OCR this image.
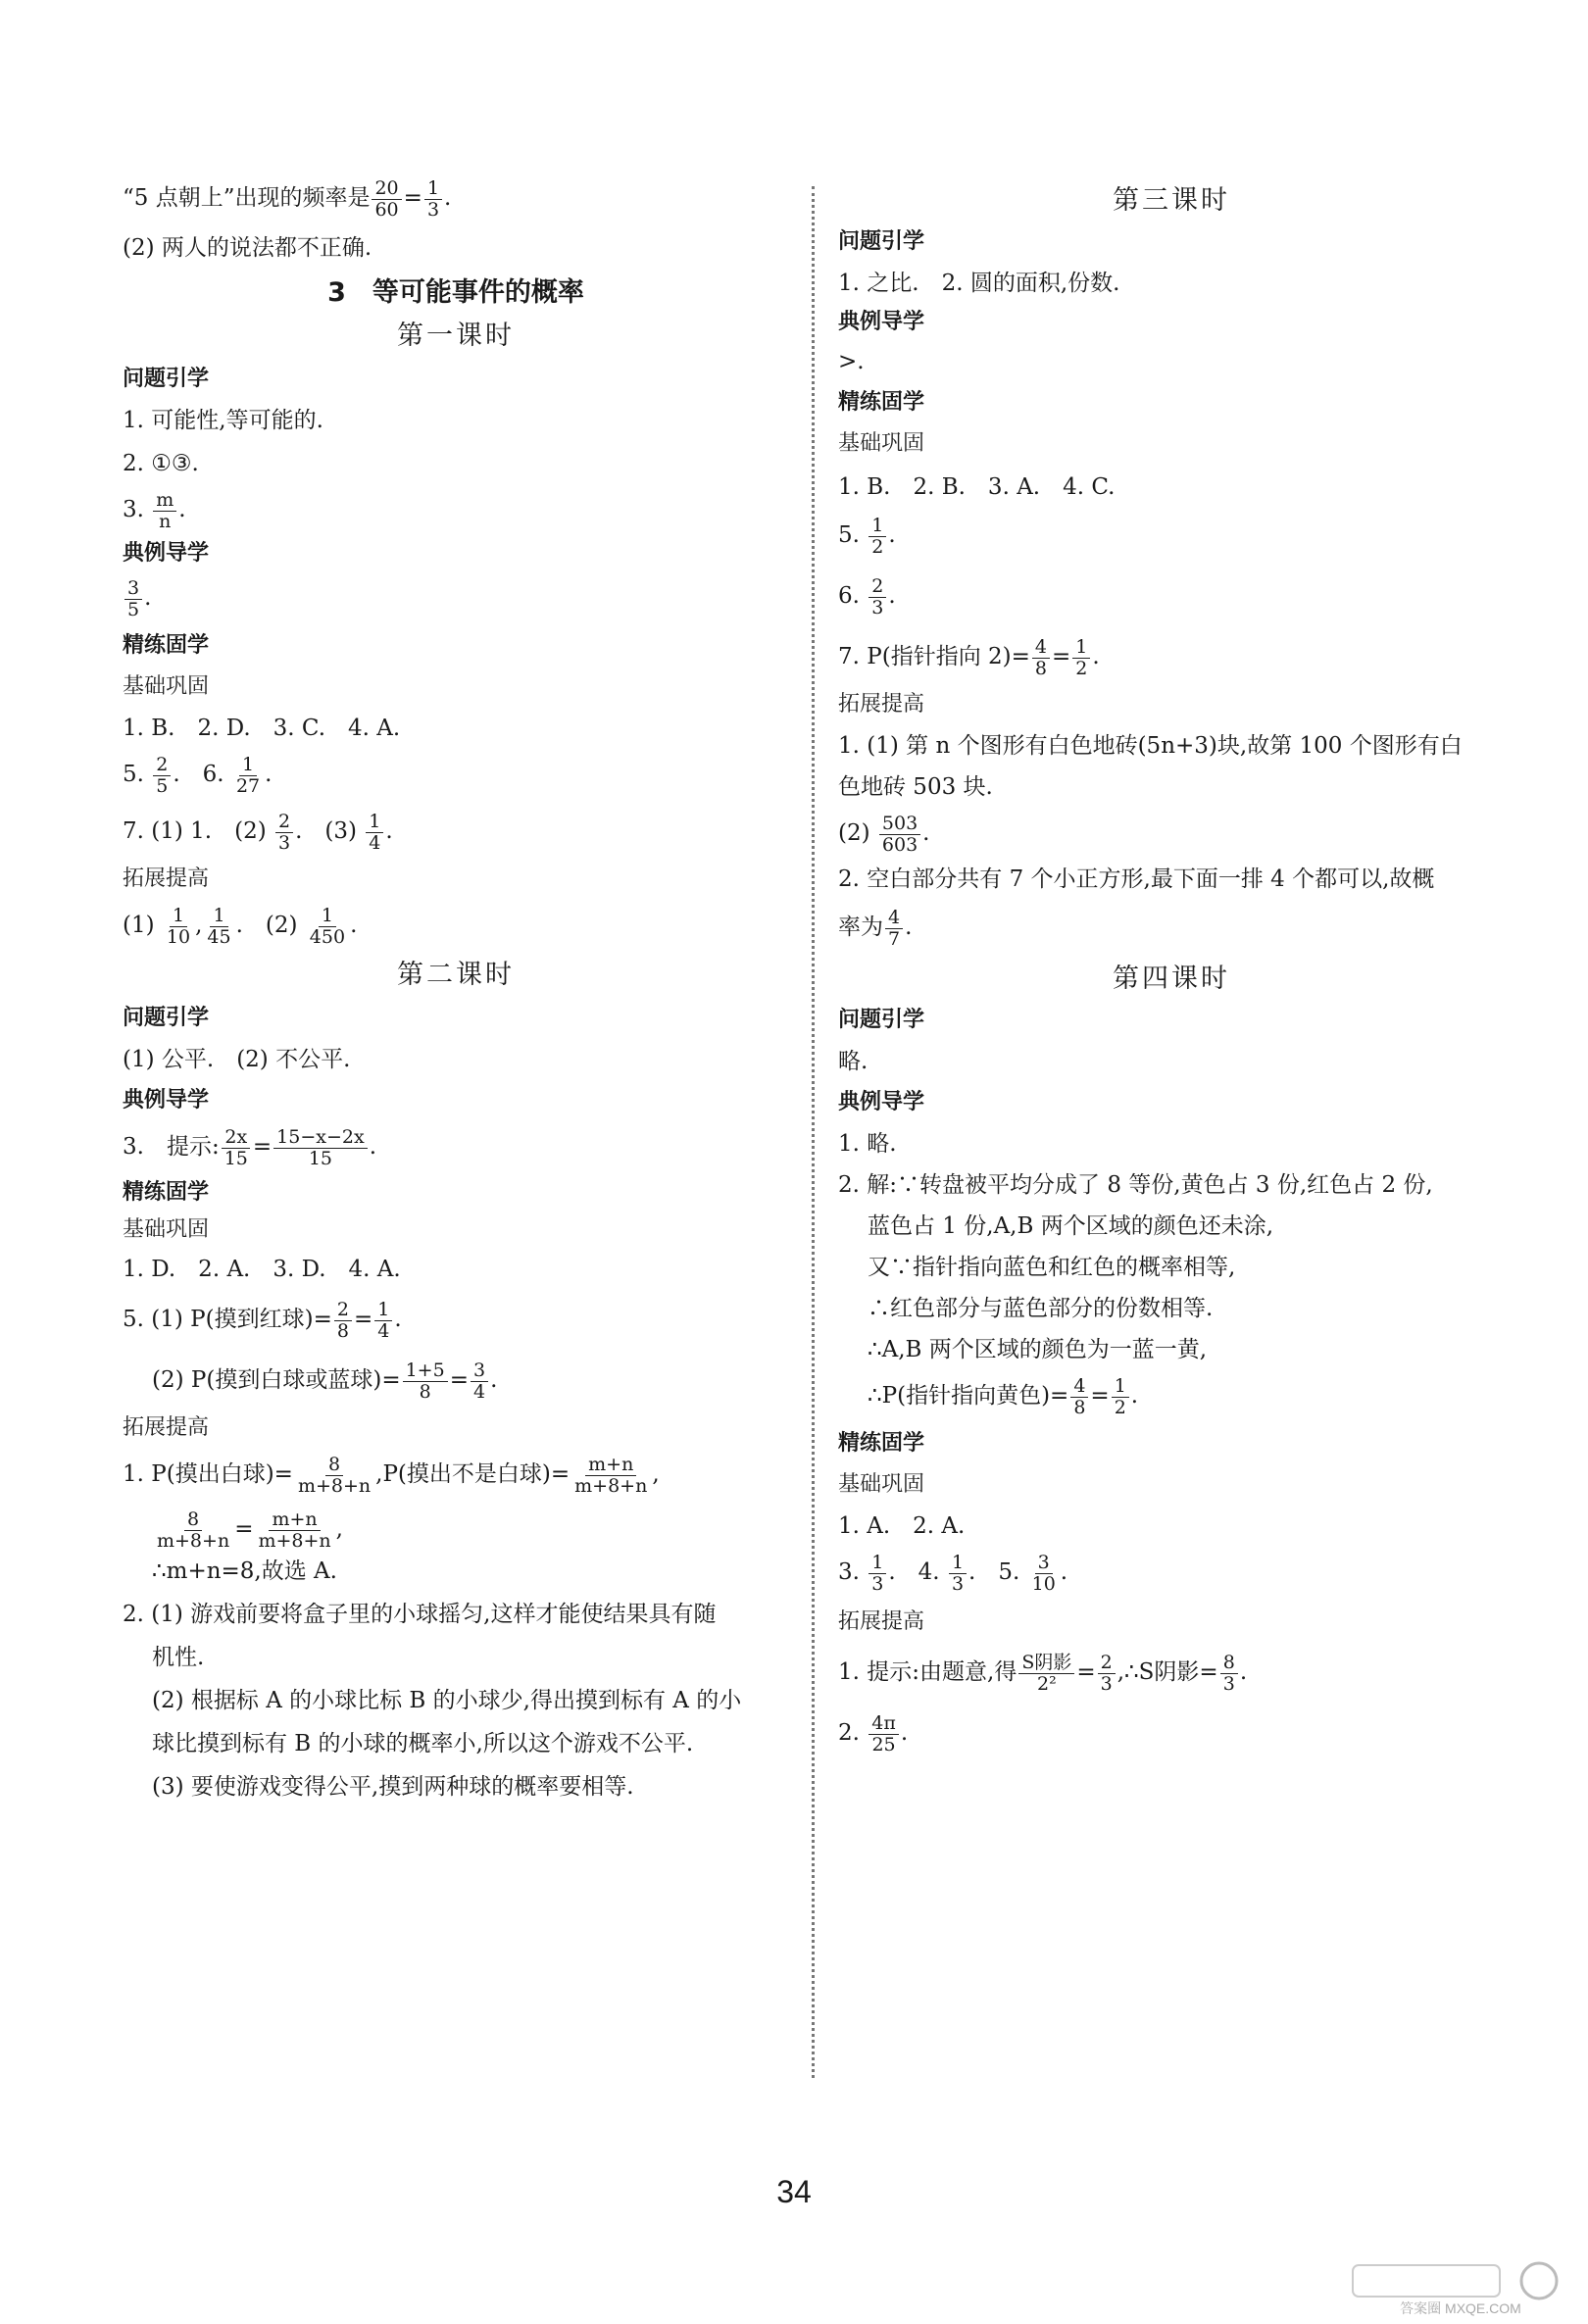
“5 点朝上”出现的频率是 $\frac{20}{60} = \frac{1}{3}$ .

(2) 两人的说法都不正确.

3　等可能事件的概率

第一课时

问题引学

1. 可能性,等可能的.

2. ①③.

3. $\frac{m}{n}$ .

典例导学

$\frac{3}{5}$ .

精练固学

基础巩固

1. B.　2. D.　3. C.　4. A.

5. $\frac{2}{5}$ .　6. $\frac{1}{27}$ .

7. (1) 1.　$(2) \frac{2}{3}$ .　$(3) \frac{1}{4}$ .

拓展提高

$(1) \frac{1}{10}$ , $\frac{1}{45}$ .　$(2) \frac{1}{450}$ .

第二课时

问题引学

(1) 公平.　(2) 不公平.

典例导学

3.　提示: $\frac{2x}{15} = \frac{15-x-2x}{15}$ .

精练固学

基础巩固

1. D.　2. A.　3. D.　4. A.

5. (1) P(摸到红球)= $\frac{2}{8} = \frac{1}{4}$ .

(2) P(摸到白球或蓝球)= $\frac{1+5}{8} = \frac{3}{4}$ .

拓展提高

1. P(摸出白球)= $\frac{8}{m+8+n} ,P$(摸出不是白球)= $\frac{m+n}{m+8+n}$ ,

$\frac{8}{m+8+n} = \frac{m+n}{m+8+n}$ ,

∴m+n=8,故选 A.

2. (1) 游戏前要将盒子里的小球摇匀,这样才能使结果具有随

机性.

(2) 根据标 A 的小球比标 B 的小球少,得出摸到标有 A 的小

球比摸到标有 B 的小球的概率小,所以这个游戏不公平.

(3) 要使游戏变得公平,摸到两种球的概率要相等.

第三课时

问题引学

1. 之比.　2. 圆的面积,份数.

典例导学

>.

精练固学

基础巩固

1. B.　2. B.　3. A.　4. C.

5. $\frac{1}{2}$ .

6. $\frac{2}{3}$ .

7. P(指针指向 $2)= \frac{4}{8} = \frac{1}{2}$ .

拓展提高

1. (1) 第 n 个图形有白色地砖(5n+3)块,故第 100 个图形有白

色地砖 503 块.

$(2) \frac{503}{603}$ .

2. 空白部分共有 7 个小正方形,最下面一排 4 个都可以,故概

率为 $\frac{4}{7}$ .

第四课时

问题引学

略.

典例导学

1. 略.

2. 解:∵转盘被平均分成了 8 等份,黄色占 3 份,红色占 2 份,

蓝色占 1 份,A,B 两个区域的颜色还未涂,

又∵指针指向蓝色和红色的概率相等,

∴红色部分与蓝色部分的份数相等.

∴A,B 两个区域的颜色为一蓝一黄,

∴P(指针指向黄色)= $\frac{4}{8} = \frac{1}{2}$ .

精练固学

基础巩固

1. A.　2. A.

3. $\frac{1}{3}$ .　4. $\frac{1}{3}$ .　5. $\frac{3}{10}$ .

拓展提高

1. 提示:由题意,得 $\frac{\text{S阴影}}{\text{2²}} = \frac{2}{3}$ ,∴S阴影= $\frac{8}{3}$ .

2. $\frac{4\pi}{25}$ .

34
答案圈 MXQE.COM
